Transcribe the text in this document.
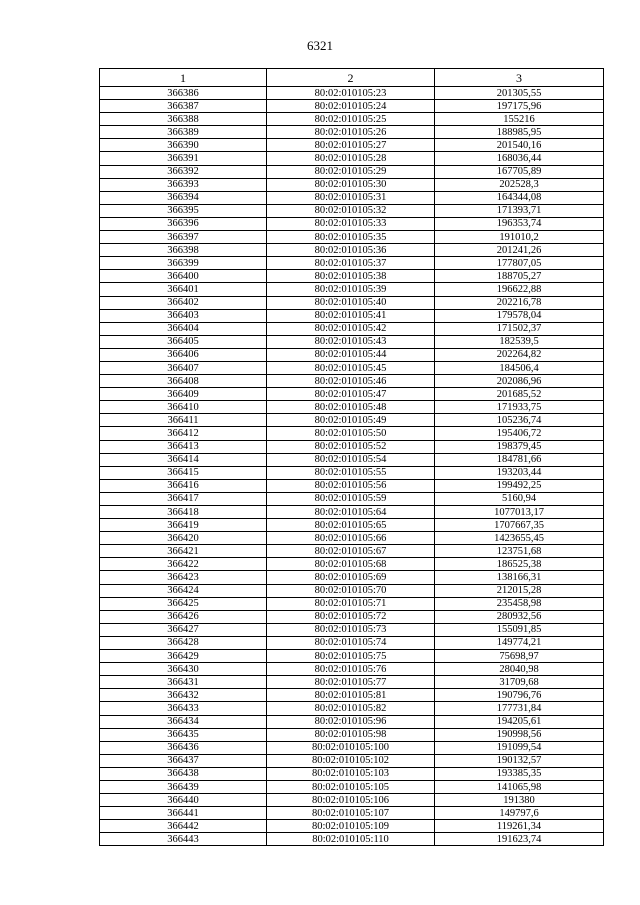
6321
1	2	3
366386	80:02:010105:23	201305,55
366387	80:02:010105:24	197175,96
366388	80:02:010105:25	155216
366389	80:02:010105:26	188985,95
366390	80:02:010105:27	201540,16
366391	80:02:010105:28	168036,44
366392	80:02:010105:29	167705,89
366393	80:02:010105:30	202528,3
366394	80:02:010105:31	164344,08
366395	80:02:010105:32	171393,71
366396	80:02:010105:33	196353,74
366397	80:02:010105:35	191010,2
366398	80:02:010105:36	201241,26
366399	80:02:010105:37	177807,05
366400	80:02:010105:38	188705,27
366401	80:02:010105:39	196622,88
366402	80:02:010105:40	202216,78
366403	80:02:010105:41	179578,04
366404	80:02:010105:42	171502,37
366405	80:02:010105:43	182539,5
366406	80:02:010105:44	202264,82
366407	80:02:010105:45	184506,4
366408	80:02:010105:46	202086,96
366409	80:02:010105:47	201685,52
366410	80:02:010105:48	171933,75
366411	80:02:010105:49	105236,74
366412	80:02:010105:50	195406,72
366413	80:02:010105:52	198379,45
366414	80:02:010105:54	184781,66
366415	80:02:010105:55	193203,44
366416	80:02:010105:56	199492,25
366417	80:02:010105:59	5160,94
366418	80:02:010105:64	1077013,17
366419	80:02:010105:65	1707667,35
366420	80:02:010105:66	1423655,45
366421	80:02:010105:67	123751,68
366422	80:02:010105:68	186525,38
366423	80:02:010105:69	138166,31
366424	80:02:010105:70	212015,28
366425	80:02:010105:71	235458,98
366426	80:02:010105:72	280932,56
366427	80:02:010105:73	155091,85
366428	80:02:010105:74	149774,21
366429	80:02:010105:75	75698,97
366430	80:02:010105:76	28040,98
366431	80:02:010105:77	31709,68
366432	80:02:010105:81	190796,76
366433	80:02:010105:82	177731,84
366434	80:02:010105:96	194205,61
366435	80:02:010105:98	190998,56
366436	80:02:010105:100	191099,54
366437	80:02:010105:102	190132,57
366438	80:02:010105:103	193385,35
366439	80:02:010105:105	141065,98
366440	80:02:010105:106	191380
366441	80:02:010105:107	149797,6
366442	80:02:010105:109	119261,34
366443	80:02:010105:110	191623,74
